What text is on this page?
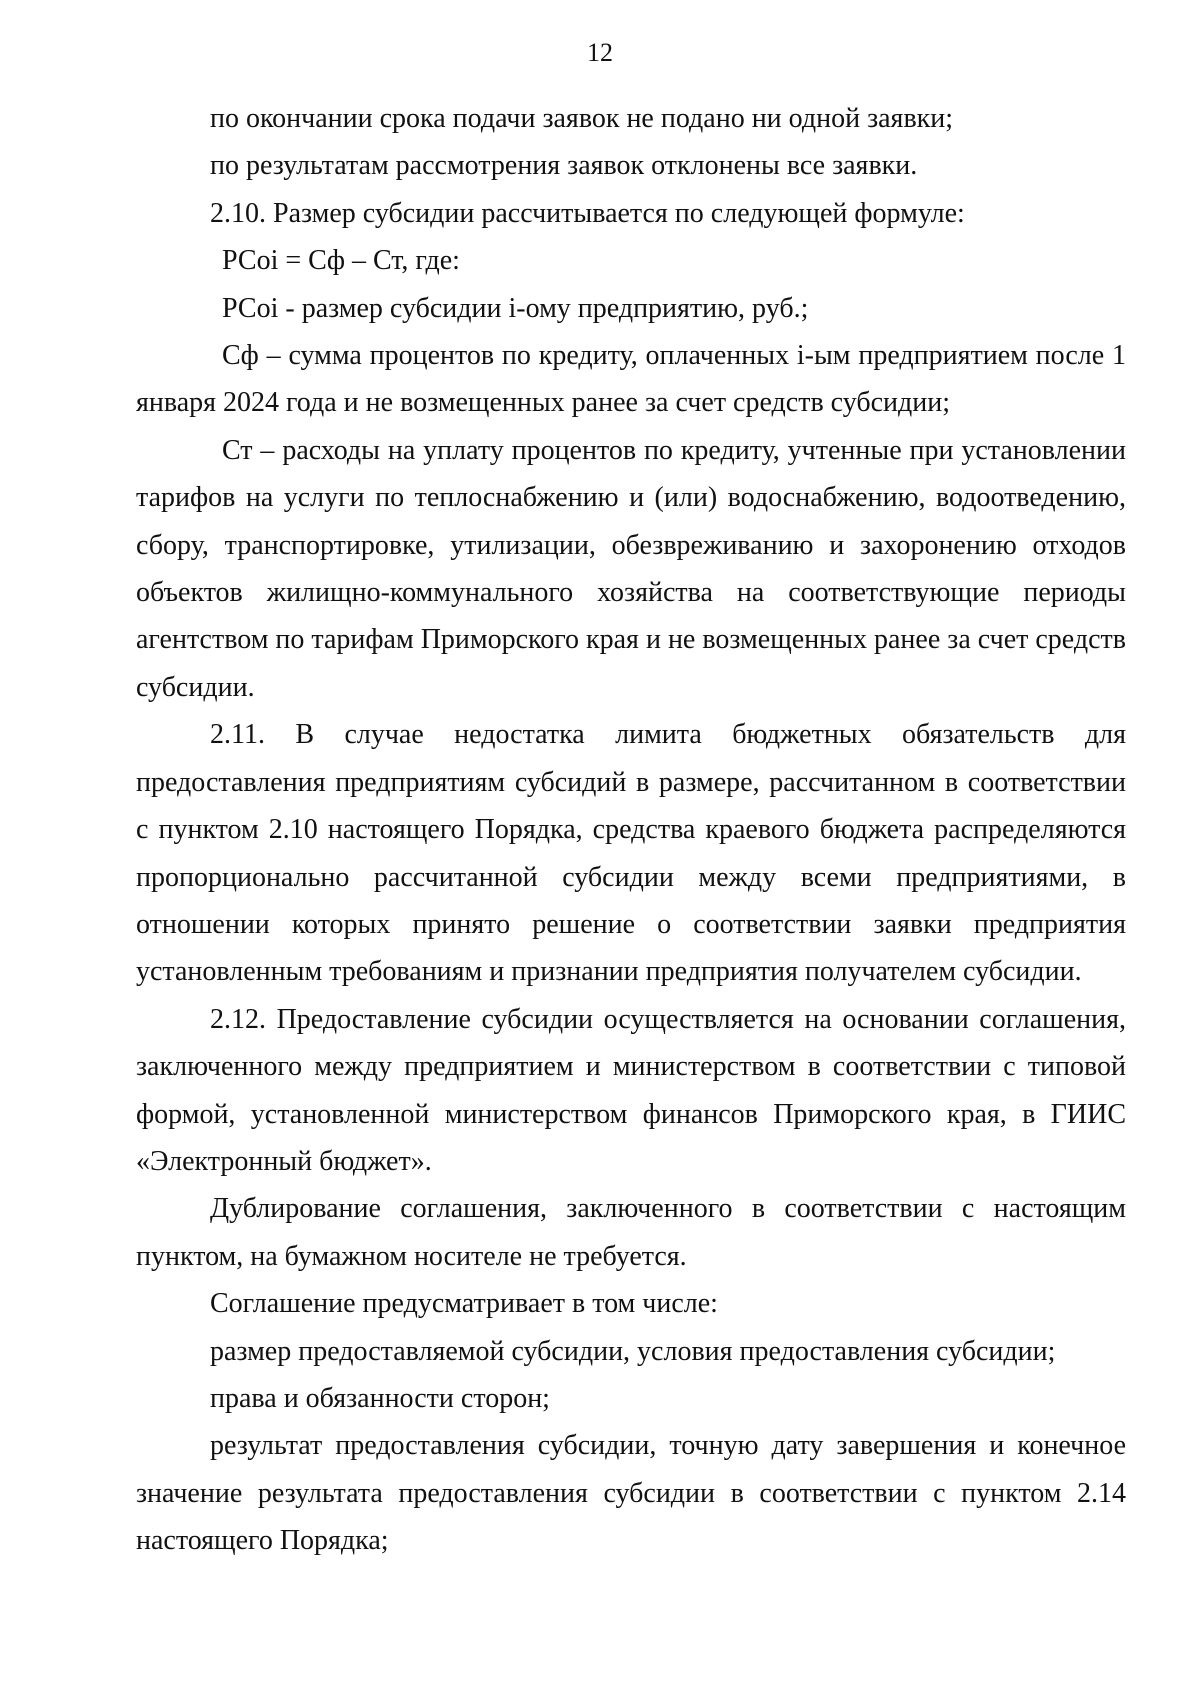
12

по окончании срока подачи заявок не подано ни одной заявки;

по результатам рассмотрения заявок отклонены все заявки.

2.10. Размер субсидии рассчитывается по следующей формуле:

РСоi = Сф – Ст, где:

РСоi - размер субсидии i-ому предприятию, руб.;

Сф – сумма процентов по кредиту, оплаченных i-ым предприятием после 1 января 2024 года и не возмещенных ранее за счет средств субсидии;

Ст – расходы на уплату процентов по кредиту, учтенные при установлении тарифов на услуги по теплоснабжению и (или) водоснабжению, водоотведению, сбору, транспортировке, утилизации, обезвреживанию и захоронению отходов объектов жилищно-коммунального хозяйства на соответствующие периоды агентством по тарифам Приморского края и не возмещенных ранее за счет средств субсидии.

2.11. В случае недостатка лимита бюджетных обязательств для предоставления предприятиям субсидий в размере, рассчитанном в соответствии с пунктом 2.10 настоящего Порядка, средства краевого бюджета распределяются пропорционально рассчитанной субсидии между всеми предприятиями, в отношении которых принято решение о соответствии заявки предприятия установленным требованиям и признании предприятия получателем субсидии.

2.12. Предоставление субсидии осуществляется на основании соглашения, заключенного между предприятием и министерством в соответствии с типовой формой, установленной министерством финансов Приморского края, в ГИИС «Электронный бюджет».

Дублирование соглашения, заключенного в соответствии с настоящим пунктом, на бумажном носителе не требуется.

Соглашение предусматривает в том числе:

размер предоставляемой субсидии, условия предоставления субсидии;

права и обязанности сторон;

результат предоставления субсидии, точную дату завершения и конечное значение результата предоставления субсидии в соответствии с пунктом 2.14 настоящего Порядка;
